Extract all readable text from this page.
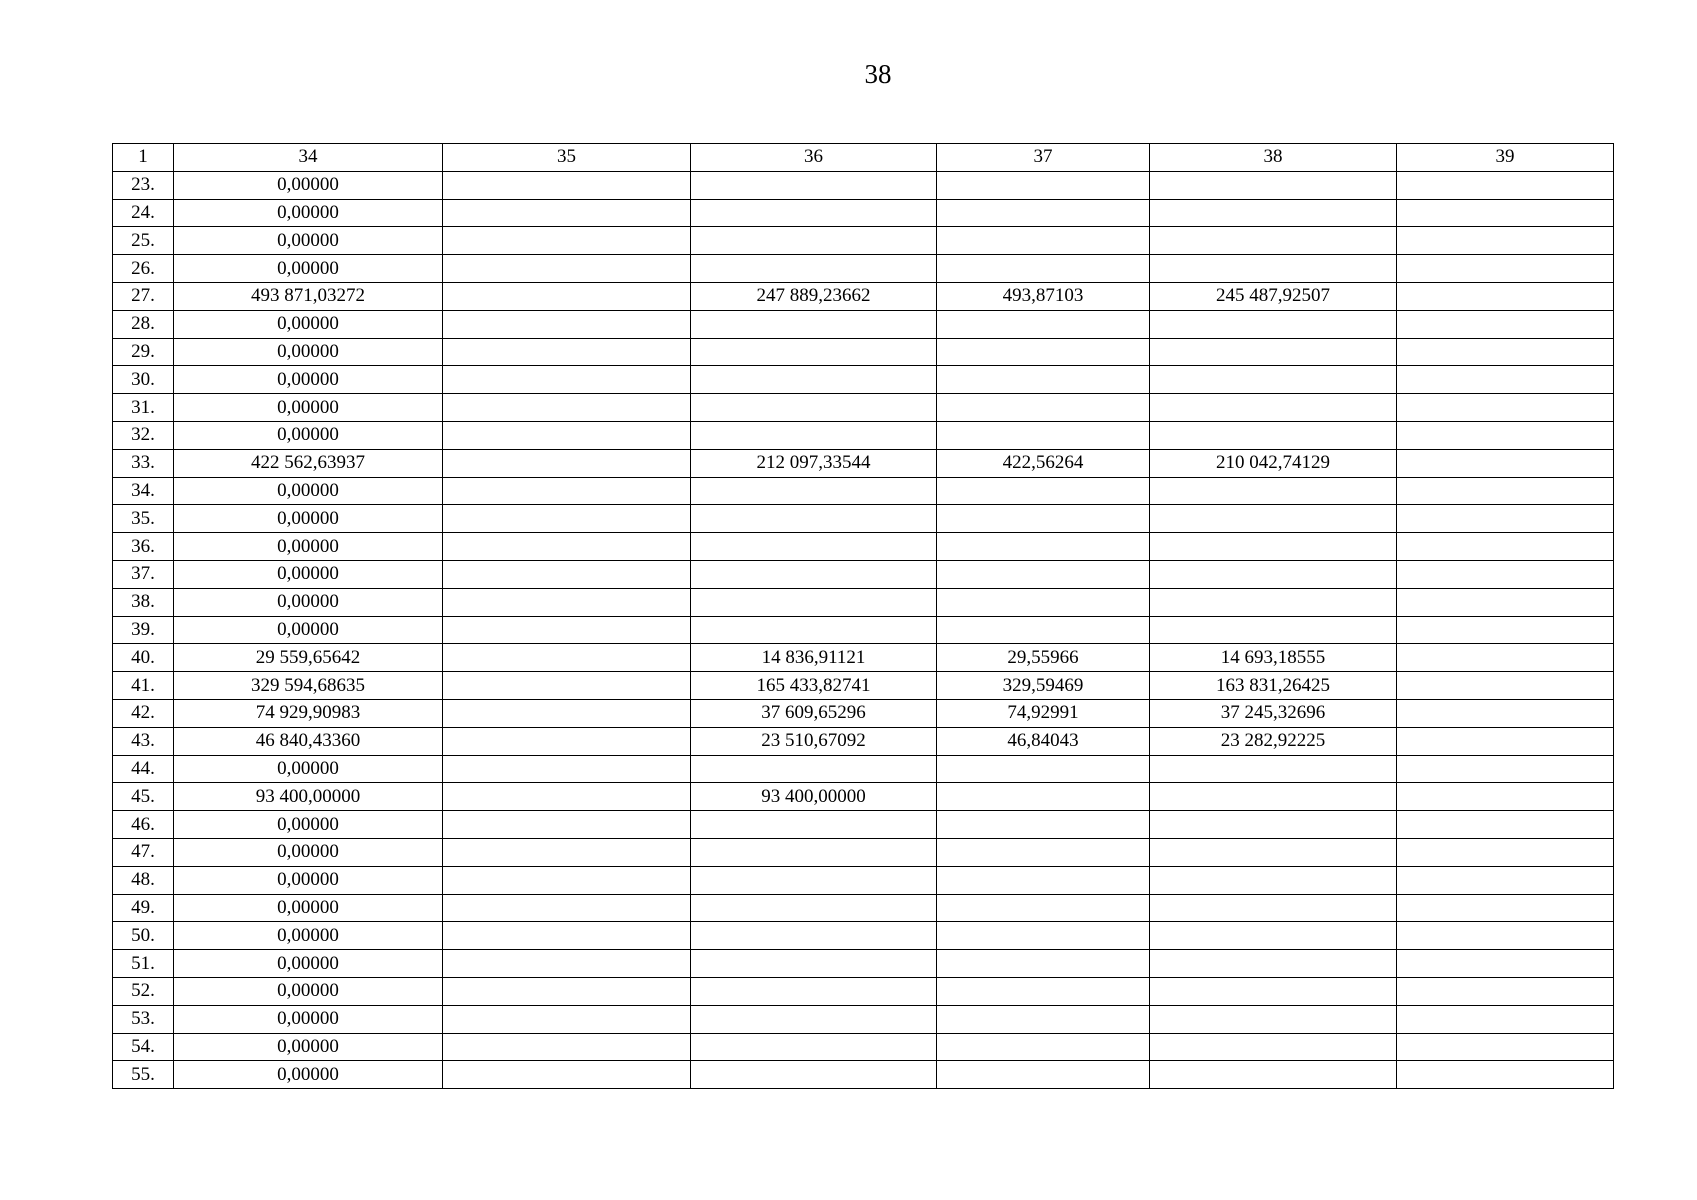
38
1	34	35	36	37	38	39
23.	0,00000					
24.	0,00000					
25.	0,00000					
26.	0,00000					
27.	493 871,03272		247 889,23662	493,87103	245 487,92507	
28.	0,00000					
29.	0,00000					
30.	0,00000					
31.	0,00000					
32.	0,00000					
33.	422 562,63937		212 097,33544	422,56264	210 042,74129	
34.	0,00000					
35.	0,00000					
36.	0,00000					
37.	0,00000					
38.	0,00000					
39.	0,00000					
40.	29 559,65642		14 836,91121	29,55966	14 693,18555	
41.	329 594,68635		165 433,82741	329,59469	163 831,26425	
42.	74 929,90983		37 609,65296	74,92991	37 245,32696	
43.	46 840,43360		23 510,67092	46,84043	23 282,92225	
44.	0,00000					
45.	93 400,00000		93 400,00000			
46.	0,00000					
47.	0,00000					
48.	0,00000					
49.	0,00000					
50.	0,00000					
51.	0,00000					
52.	0,00000					
53.	0,00000					
54.	0,00000					
55.	0,00000					
